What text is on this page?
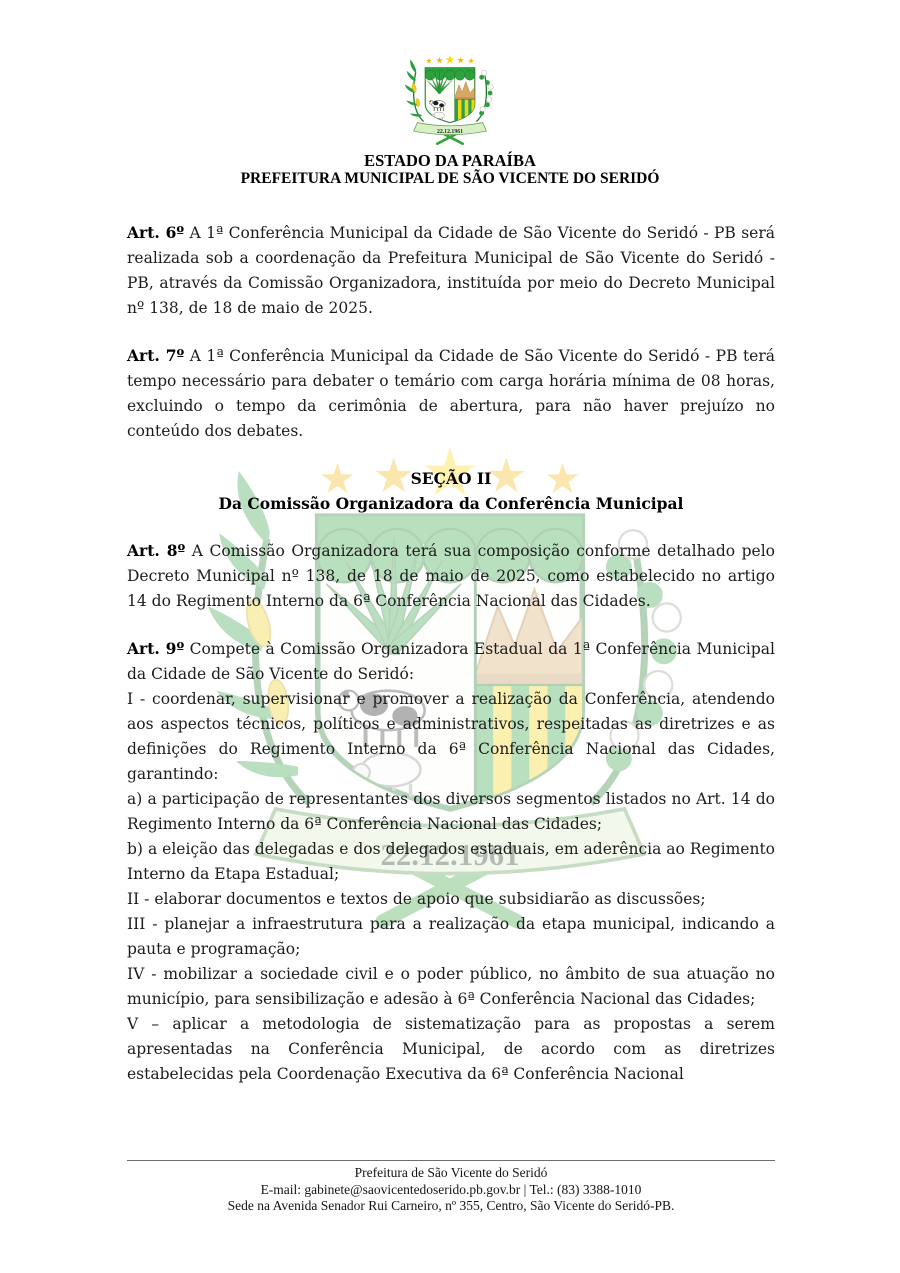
ESTADO DA PARAÍBA
PREFEITURA MUNICIPAL DE SÃO VICENTE DO SERIDÓ

Art. 6º A 1ª Conferência Municipal da Cidade de São Vicente do Seridó - PB será realizada sob a coordenação da Prefeitura Municipal de São Vicente do Seridó - PB, através da Comissão Organizadora, instituída por meio do Decreto Municipal nº 138, de 18 de maio de 2025.

Art. 7º A 1ª Conferência Municipal da Cidade de São Vicente do Seridó - PB terá tempo necessário para debater o temário com carga horária mínima de 08 horas, excluindo o tempo da cerimônia de abertura, para não haver prejuízo no conteúdo dos debates.

SEÇÃO II
Da Comissão Organizadora da Conferência Municipal

Art. 8º A Comissão Organizadora terá sua composição conforme detalhado pelo Decreto Municipal nº 138, de 18 de maio de 2025, como estabelecido no artigo 14 do Regimento Interno da 6ª Conferência Nacional das Cidades.

Art. 9º Compete à Comissão Organizadora Estadual da 1ª Conferência Municipal da Cidade de São Vicente do Seridó:

I - coordenar, supervisionar e promover a realização da Conferência, atendendo aos aspectos técnicos, políticos e administrativos, respeitadas as diretrizes e as definições do Regimento Interno da 6ª Conferência Nacional das Cidades, garantindo:

a) a participação de representantes dos diversos segmentos listados no Art. 14 do Regimento Interno da 6ª Conferência Nacional das Cidades;

b) a eleição das delegadas e dos delegados estaduais, em aderência ao Regimento Interno da Etapa Estadual;

II - elaborar documentos e textos de apoio que subsidiarão as discussões;

III - planejar a infraestrutura para a realização da etapa municipal, indicando a pauta e programação;

IV - mobilizar a sociedade civil e o poder público, no âmbito de sua atuação no município, para sensibilização e adesão à 6ª Conferência Nacional das Cidades;

V – aplicar a metodologia de sistematização para as propostas a serem apresentadas na Conferência Municipal, de acordo com as diretrizes estabelecidas pela Coordenação Executiva da 6ª Conferência Nacional

Prefeitura de São Vicente do Seridó
E-mail: gabinete@saovicentedoserido.pb.gov.br | Tel.: (83) 3388-1010
Sede na Avenida Senador Rui Carneiro, nº 355, Centro, São Vicente do Seridó-PB.
